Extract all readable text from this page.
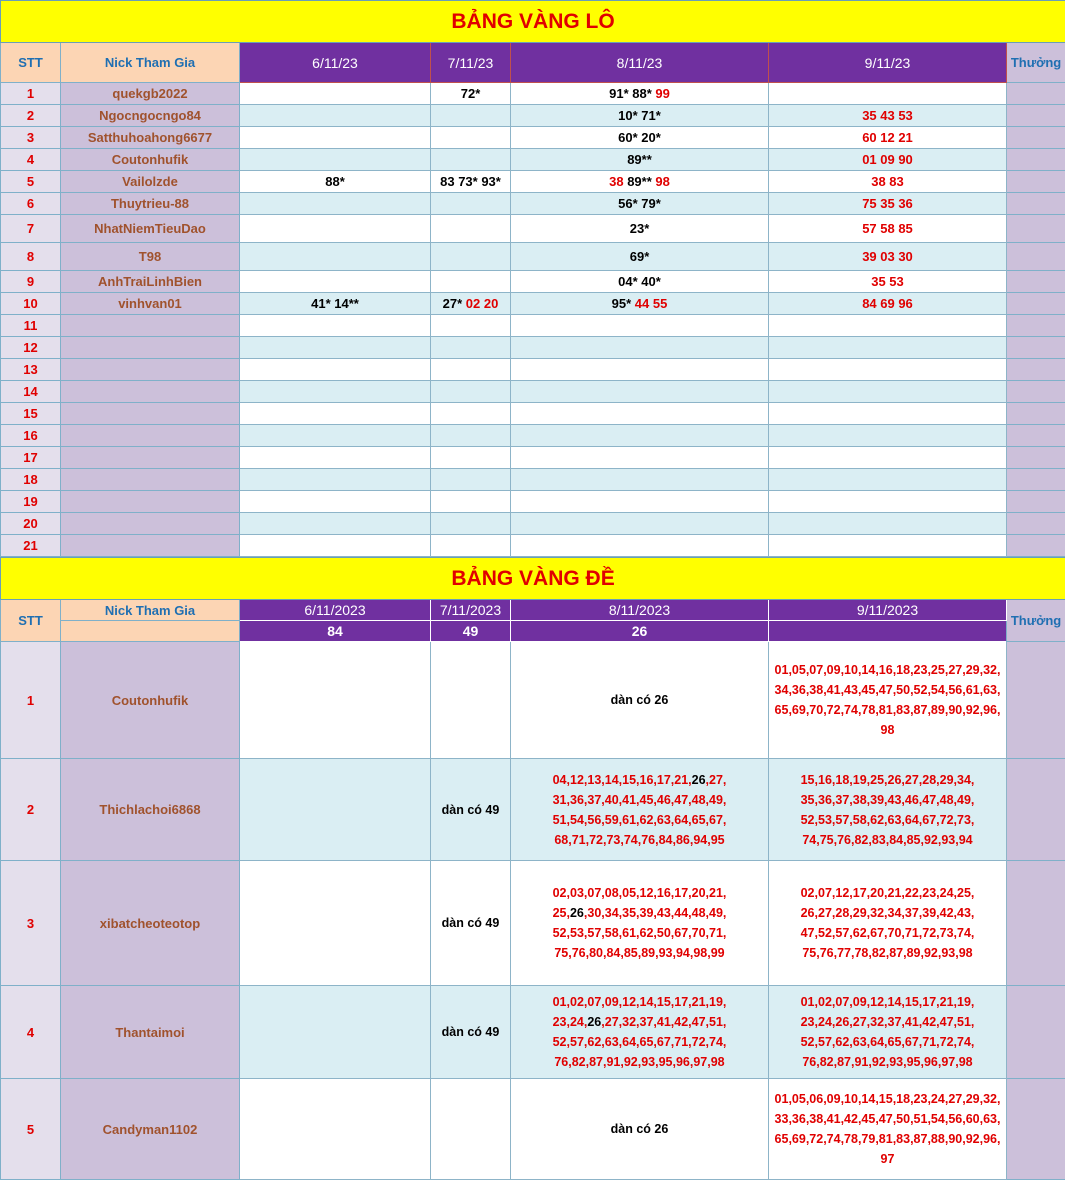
BẢNG VÀNG LÔ						
STT	Nick Tham Gia	6/11/23	7/11/23	8/11/23	9/11/23	Thưởng
1	quekgb2022		72*	91* 88* 99		
2	Ngocngocngo84			10* 71*	35 43 53	
3	Satthuhoahong6677			60* 20*	60 12 21	
4	Coutonhufik			89**	01 09 90	
5	Vailolzde	88*	83 73* 93*	38 89** 98	38 83	
6	Thuytrieu-88			56* 79*	75 35 36	
7	NhatNiemTieuDao			23*	57 58 85	
8	T98			69*	39 03 30	
9	AnhTraiLinhBien			04* 40*	35 53	
10	vinhvan01	41* 14**	27* 02 20	95* 44 55	84 69 96	
11						
12						
13						
14						
15						
16						
17						
18						
19						
20						
21						
BẢNG VÀNG ĐỀ						
STT	Nick Tham Gia	6/11/2023	7/11/2023	8/11/2023	9/11/2023	Thưởng
		84	49	26		
1	Coutonhufik			dàn có 26	01,05,07,09,10,14,16,18,23,25,27,29,32,
34,36,38,41,43,45,47,50,52,54,56,61,63,
65,69,70,72,74,78,81,83,87,89,90,92,96,
98	

2	Thichlachoi6868		dàn có 49	04,12,13,14,15,16,17,21,26,27,
31,36,37,40,41,45,46,47,48,49,
51,54,56,59,61,62,63,64,65,67,
68,71,72,73,74,76,84,86,94,95	15,16,18,19,25,26,27,28,29,34,
35,36,37,38,39,43,46,47,48,49,
52,53,57,58,62,63,64,67,72,73,
74,75,76,82,83,84,85,92,93,94	

3	xibatcheoteotop		dàn có 49	02,03,07,08,05,12,16,17,20,21,
25,26,30,34,35,39,43,44,48,49,
52,53,57,58,61,62,50,67,70,71,
75,76,80,84,85,89,93,94,98,99	02,07,12,17,20,21,22,23,24,25,
26,27,28,29,32,34,37,39,42,43,
47,52,57,62,67,70,71,72,73,74,
75,76,77,78,82,87,89,92,93,98	

4	Thantaimoi		dàn có 49	01,02,07,09,12,14,15,17,21,19,
23,24,26,27,32,37,41,42,47,51,
52,57,62,63,64,65,67,71,72,74,
76,82,87,91,92,93,95,96,97,98	01,02,07,09,12,14,15,17,21,19,
23,24,26,27,32,37,41,42,47,51,
52,57,62,63,64,65,67,71,72,74,
76,82,87,91,92,93,95,96,97,98	

5	Candyman1102			dàn có 26	01,05,06,09,10,14,15,18,23,24,27,29,32,
33,36,38,41,42,45,47,50,51,54,56,60,63,
65,69,72,74,78,79,81,83,87,88,90,92,96,
97	
